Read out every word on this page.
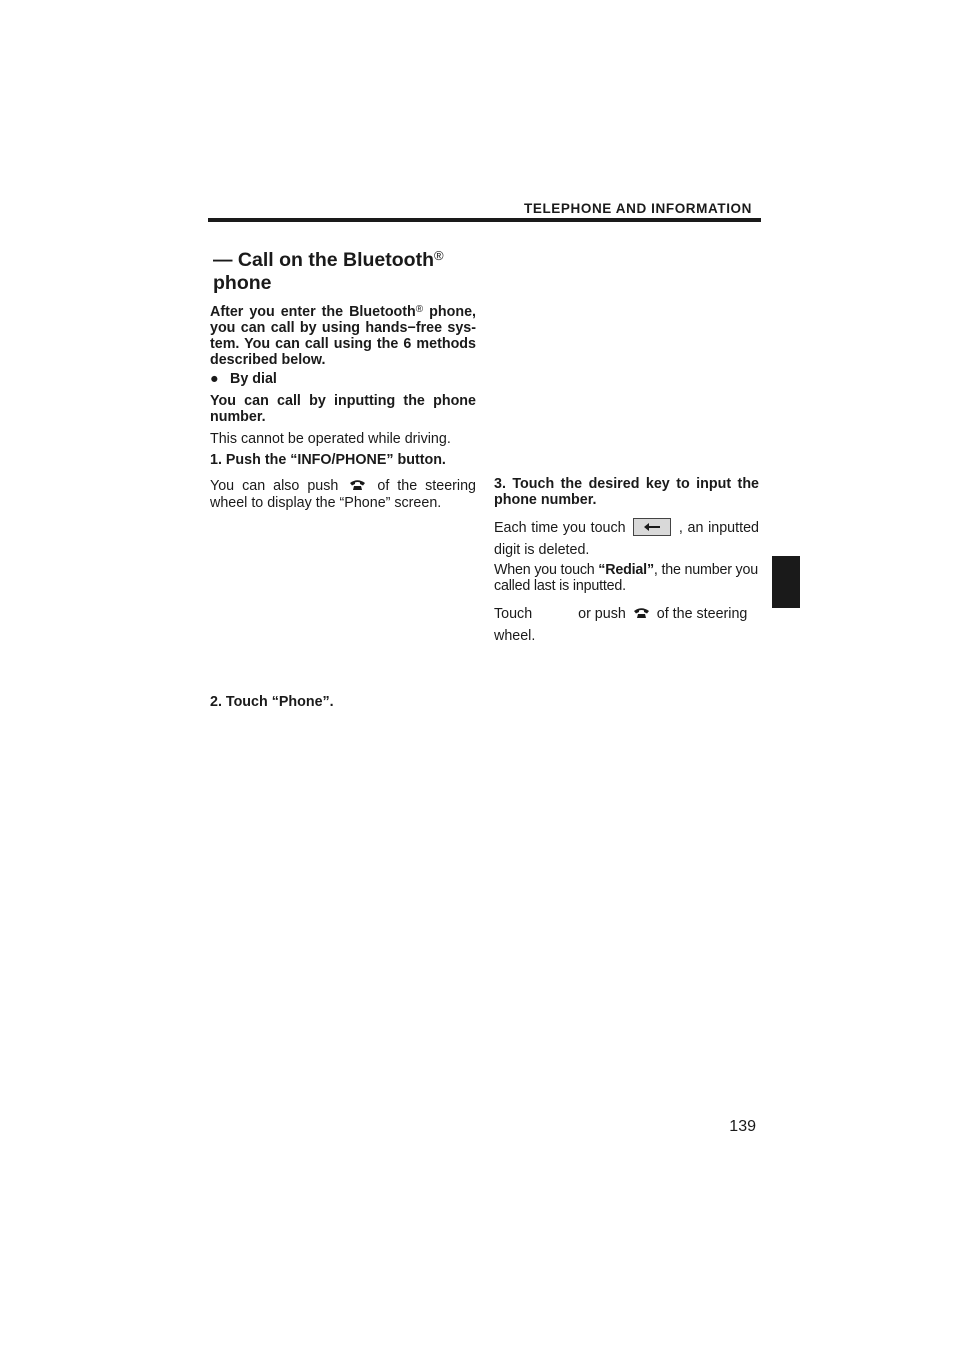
TELEPHONE AND INFORMATION
— Call on the Bluetooth®
phone
After you enter the Bluetooth® phone, you can call by using hands−free sys- tem. You can call using the 6 methods described below.
● By dial
You can call by inputting the phone number.
This cannot be operated while driving.
1. Push the “INFO/PHONE” button.
You can also push	of the steering
wheel to display the “Phone” screen.
2. Touch “Phone”.
3. Touch the desired key to input the phone number.
Each time you touch	, an inputted
digit is deleted.
When you touch “Redial”, the number you called last is inputted.
Touch	or push of the steering
wheel.
139
